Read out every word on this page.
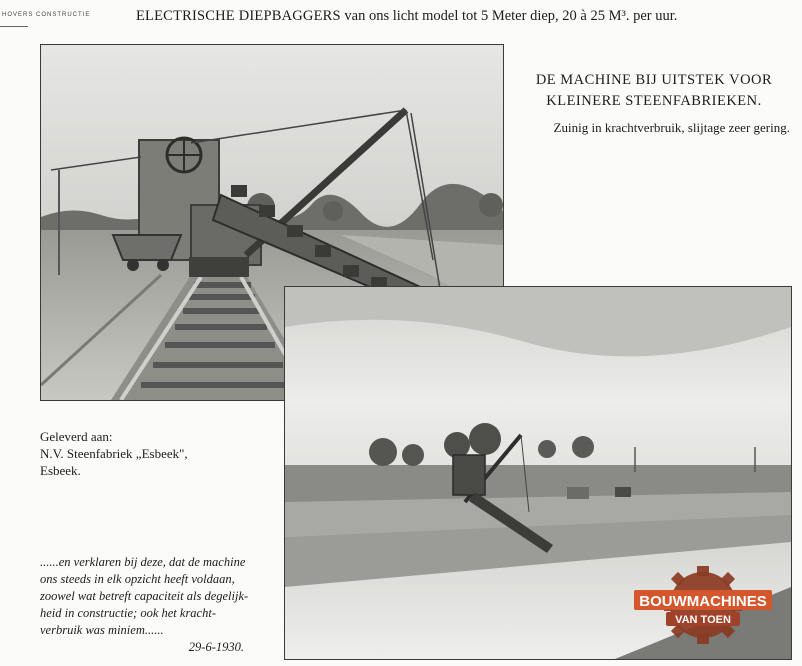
HOVERS CONSTRUCTIE	ELECTRISCHE DIEPBAGGERS van ons licht model tot 5 Meter diep, 20 à 25 M³. per uur.
DE MACHINE BIJ UITSTEK VOOR
KLEINERE STEENFABRIEKEN.
Zuinig in krachtverbruik, slijtage zeer gering.
Geleverd aan:
N.V. Steenfabriek „Esbeek",
Esbeek.
......en verklaren bij deze, dat de machine
ons steeds in elk opzicht heeft voldaan,
zoowel wat betreft capaciteit als degelijk-
heid in constructie; ook het kracht-
verbruik was miniem......
29-6-1930.
BOUWMACHINES
VAN TOEN
